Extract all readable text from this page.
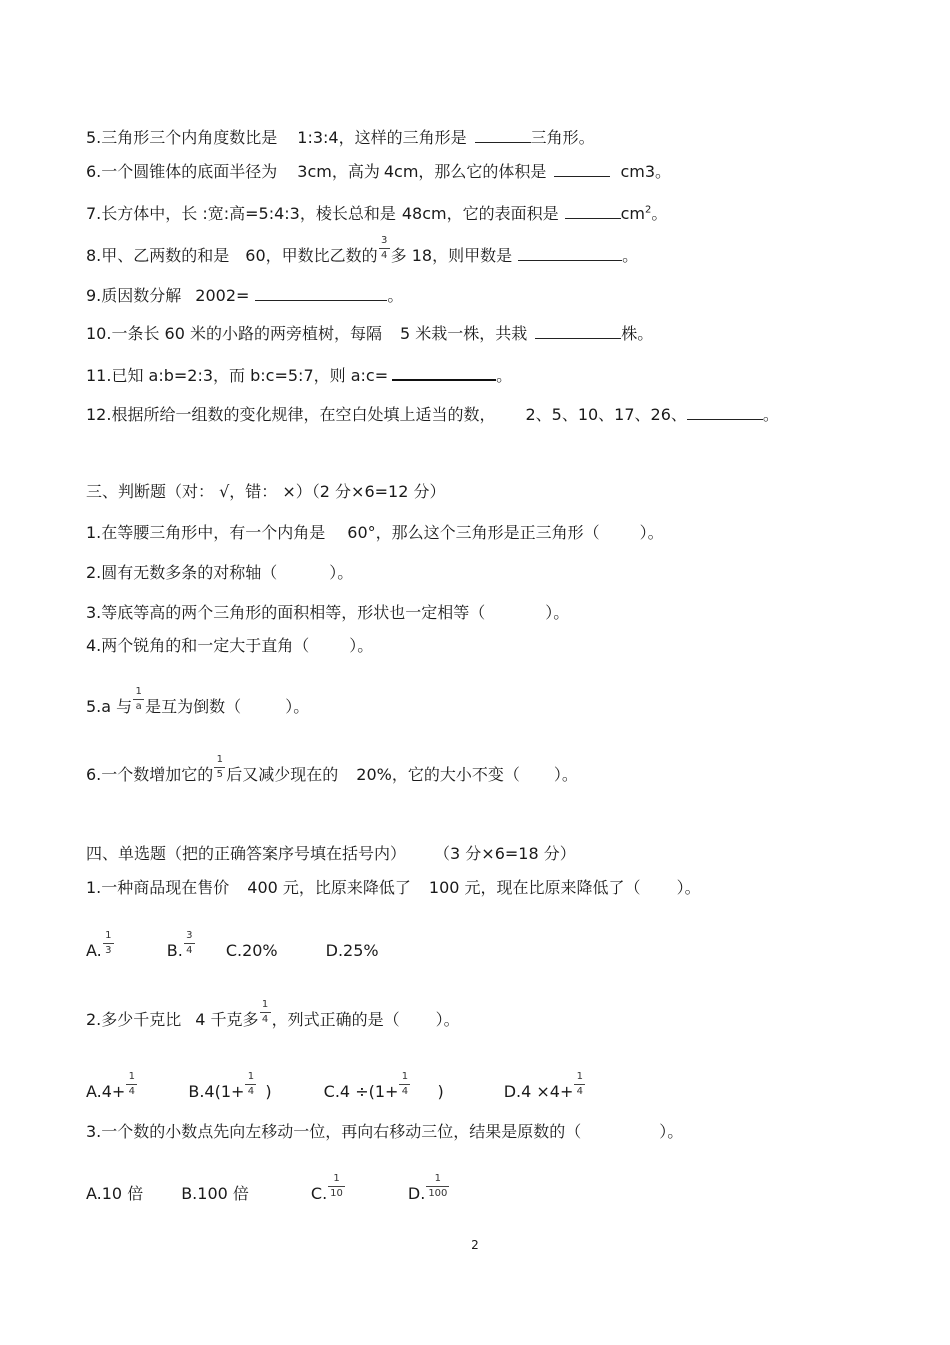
5.三角形三个内角度数比是 1:3:4，这样的三角形是	三角形。
6.一个圆锥体的底面半径为 3cm，高为 4cm，那么它的体积是	cm3。
7.长方体中，长 :宽:高=5:4:3，棱长总和是 48cm，它的表面积是	$cm^2$。
8.甲、乙两数的和是 60，甲数比乙数的 $\frac{3}{4}$ 多 18，则甲数是	。
9.质因数分解 2002=	。
10.一条长 60 米的小路的两旁植树，每隔 5 米栽一株，共栽	株。
11.已知 a:b=2:3，而 b:c=5:7，则 a:c=	。
12.根据所给一组数的变化规律，在空白处填上适当的数， 2、5、10、17、26、	。
三、判断题（对： √，错： ×）（2 分×6=12 分）
1.在等腰三角形中，有一个内角是 60°，那么这个三角形是正三角形（	）。
2.圆有无数多条的对称轴（	）。
3.等底等高的两个三角形的面积相等，形状也一定相等（	）。
4.两个锐角的和一定大于直角（	）。
5.a 与 $\frac{1}{a}$ 是互为倒数（	）。
6.一个数增加它的 $\frac{1}{5}$ 后又减少现在的 20%，它的大小不变（ ）。
四、单选题（把的正确答案序号填在括号内） （3 分×6=18 分）
1.一种商品现在售价 400 元，比原来降低了 100 元，现在比原来降低了（ ）。
A. $\frac{1}{3}$	B. $\frac{3}{4} C.20\%$	D.25%
2.多少千克比 4 千克多 $\frac{1}{4}$ ，列式正确的是（ ）。
$A.4+ \frac{1}{4}$	$B.4(1+ \frac{1}{4}$ )	$C.4 \div(1+ \frac{1}{4}$ )	$D.4 \times 4+ \frac{1}{4}$
3.一个数的小数点先向左移动一位，再向右移动三位，结果是原数的（	）。
A.10 倍 B.100 倍	C. $\frac{1}{10}$	D. $\frac{1}{100}$
2
